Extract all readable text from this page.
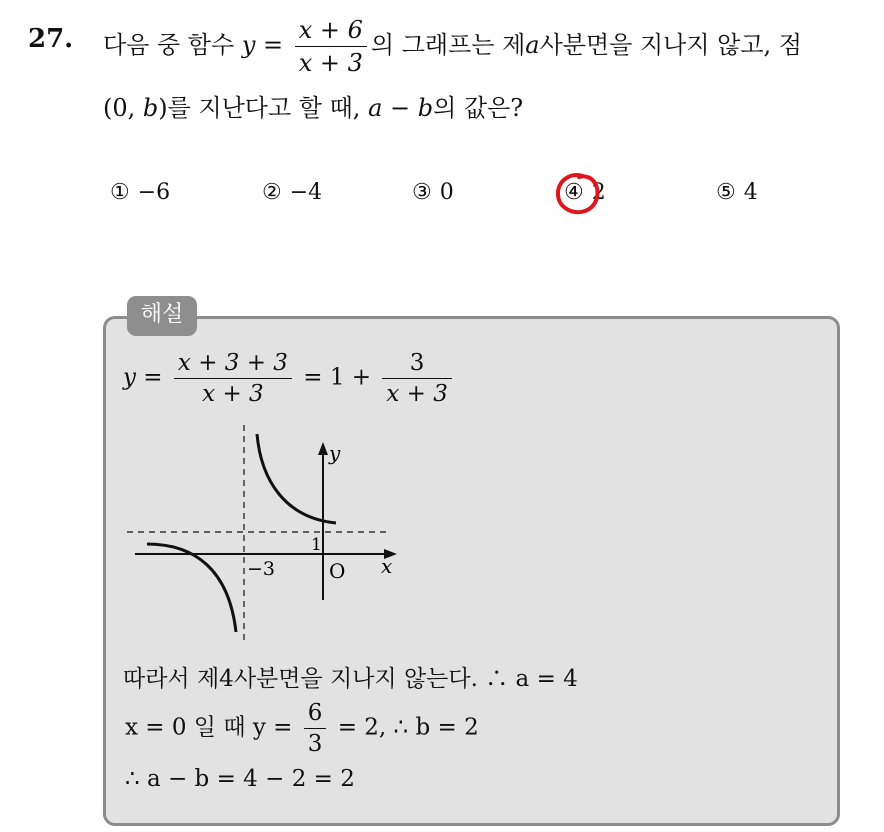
27. 다음 중 함수 $y = \frac{x + 6}{x + 3}$ 의 그래프는 제a사분면을 지나지 않고, 점
(0, b)를 지난다고 할 때, a − b의 값은?
① −6	② −4	③ 0	④ 2	⑤ 4
해설
$y = \frac{x + 3 + 3}{x + 3} = 1 + \frac{3}{x + 3}$
y
x
O
−3
1
따라서 제4사분면을 지나지 않는다. ∴ a = 4
x = 0 일 때 $y = \frac{6}{3} = 2$, ∴ b = 2
∴ a − b = 4 − 2 = 2
